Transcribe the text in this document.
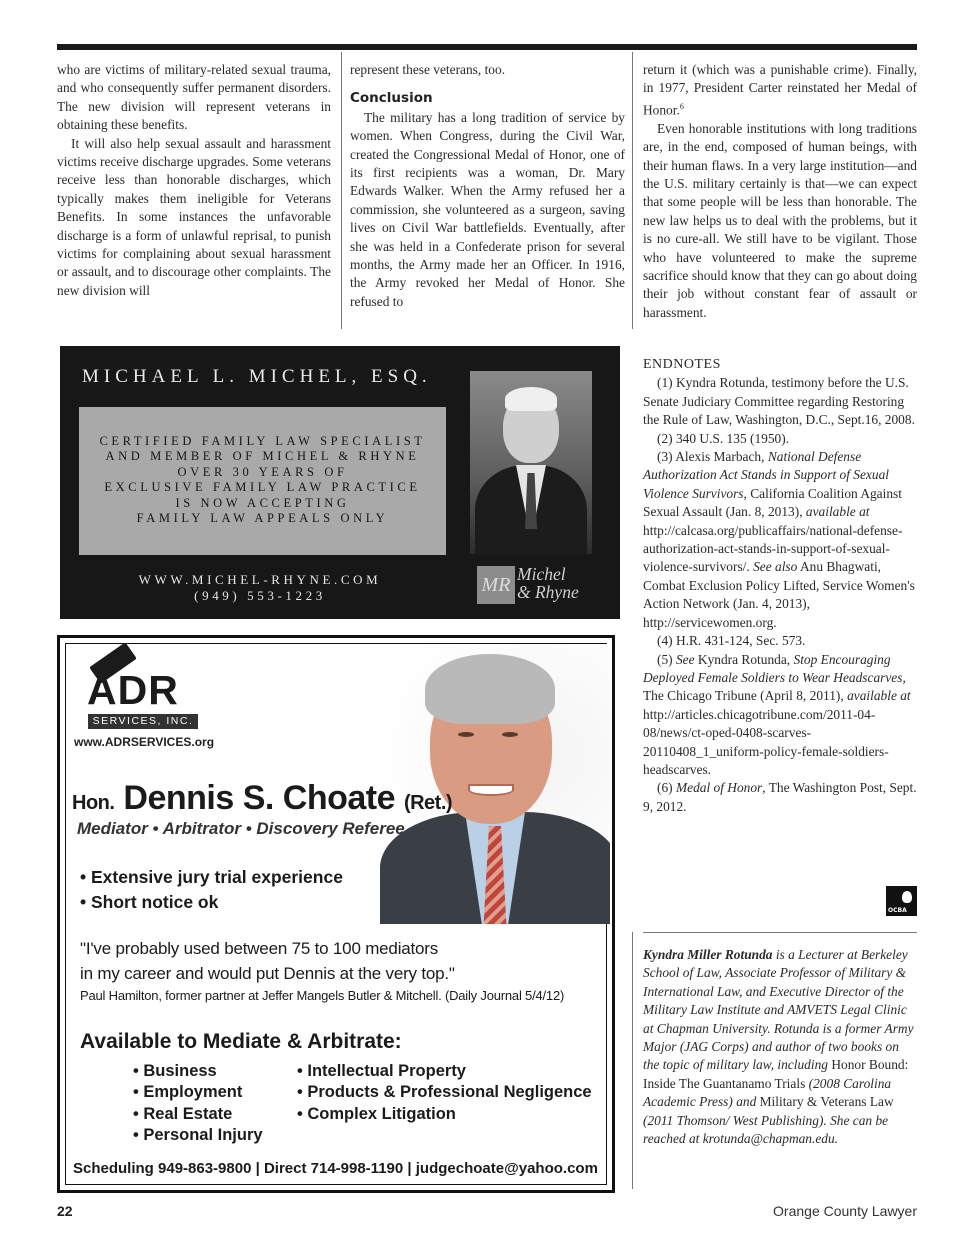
who are victims of military-related sexual trauma, and who consequently suffer permanent disorders. The new division will represent veterans in obtaining these benefits.

It will also help sexual assault and harassment victims receive discharge upgrades. Some veterans receive less than honorable discharges, which typically makes them ineligible for Veterans Benefits. In some instances the unfavorable discharge is a form of unlawful reprisal, to punish victims for complaining about sexual harassment or assault, and to discourage other complaints. The new division will

represent these veterans, too.

Conclusion

The military has a long tradition of service by women. When Congress, during the Civil War, created the Congressional Medal of Honor, one of its first recipients was a woman, Dr. Mary Edwards Walker. When the Army refused her a commission, she volunteered as a surgeon, saving lives on Civil War battlefields. Eventually, after she was held in a Confederate prison for several months, the Army made her an Officer. In 1916, the Army revoked her Medal of Honor. She refused to

return it (which was a punishable crime). Finally, in 1977, President Carter reinstated her Medal of Honor.$^6$

Even honorable institutions with long traditions are, in the end, composed of human beings, with their human flaws. In a very large institution—and the U.S. military certainly is that—we can expect that some people will be less than honorable. The new law helps us to deal with the problems, but it is no cure-all. We still have to be vigilant. Those who have volunteered to make the supreme sacrifice should know that they can go about doing their job without constant fear of assault or harassment.

ENDNOTES

(1) Kyndra Rotunda, testimony before the U.S. Senate Judiciary Committee regarding Restoring the Rule of Law, Washington, D.C., Sept.16, 2008.

(2) 340 U.S. 135 (1950).

(3) Alexis Marbach, National Defense Authorization Act Stands in Support of Sexual Violence Survivors, California Coalition Against Sexual Assault (Jan. 8, 2013), available at http://calcasa.org/publicaffairs/national-defense-authorization-act-stands-in-support-of-sexual-violence-survivors/. See also Anu Bhagwati, Combat Exclusion Policy Lifted, Service Women's Action Network (Jan. 4, 2013), http://servicewomen.org.

(4) H.R. 431-124, Sec. 573.

(5) See Kyndra Rotunda, Stop Encouraging Deployed Female Soldiers to Wear Headscarves, The Chicago Tribune (April 8, 2011), available at http://articles.chicagotribune.com/2011-04-08/news/ct-oped-0408-scarves-20110408_1_uniform-policy-female-soldiers-headscarves.

(6) Medal of Honor, The Washington Post, Sept. 9, 2012.

OCBA
Kyndra Miller Rotunda is a Lecturer at Berkeley School of Law, Associate Professor of Military & International Law, and Executive Director of the Military Law Institute and AMVETS Legal Clinic at Chapman University. Rotunda is a former Army Major (JAG Corps) and author of two books on the topic of military law, including Honor Bound: Inside The Guantanamo Trials (2008 Carolina Academic Press) and Military & Veterans Law (2011 Thomson/ West Publishing). She can be reached at krotunda@chapman.edu.
MICHAEL L. MICHEL, ESQ.
CERTIFIED FAMILY LAW SPECIALIST
AND MEMBER OF MICHEL & RHYNE
OVER 30 YEARS OF
EXCLUSIVE FAMILY LAW PRACTICE
IS NOW ACCEPTING
FAMILY LAW APPEALS ONLY
WWW.MICHEL-RHYNE.COM
(949) 553-1223	MR Michel
& Rhyne
ADR
SERVICES, INC.
www.ADRSERVICES.org
Hon. Dennis S. Choate (Ret.)
Mediator • Arbitrator • Discovery Referee
• Extensive jury trial experience
• Short notice ok
"I've probably used between 75 to 100 mediators
in my career and would put Dennis at the very top."
Paul Hamilton, former partner at Jeffer Mangels Butler & Mitchell. (Daily Journal 5/4/12)
Available to Mediate & Arbitrate:
• Business
• Employment
• Real Estate
• Personal Injury
• Intellectual Property
• Products & Professional Negligence
• Complex Litigation
Scheduling 949-863-9800 | Direct 714-998-1190 | judgechoate@yahoo.com
22	Orange County Lawyer
